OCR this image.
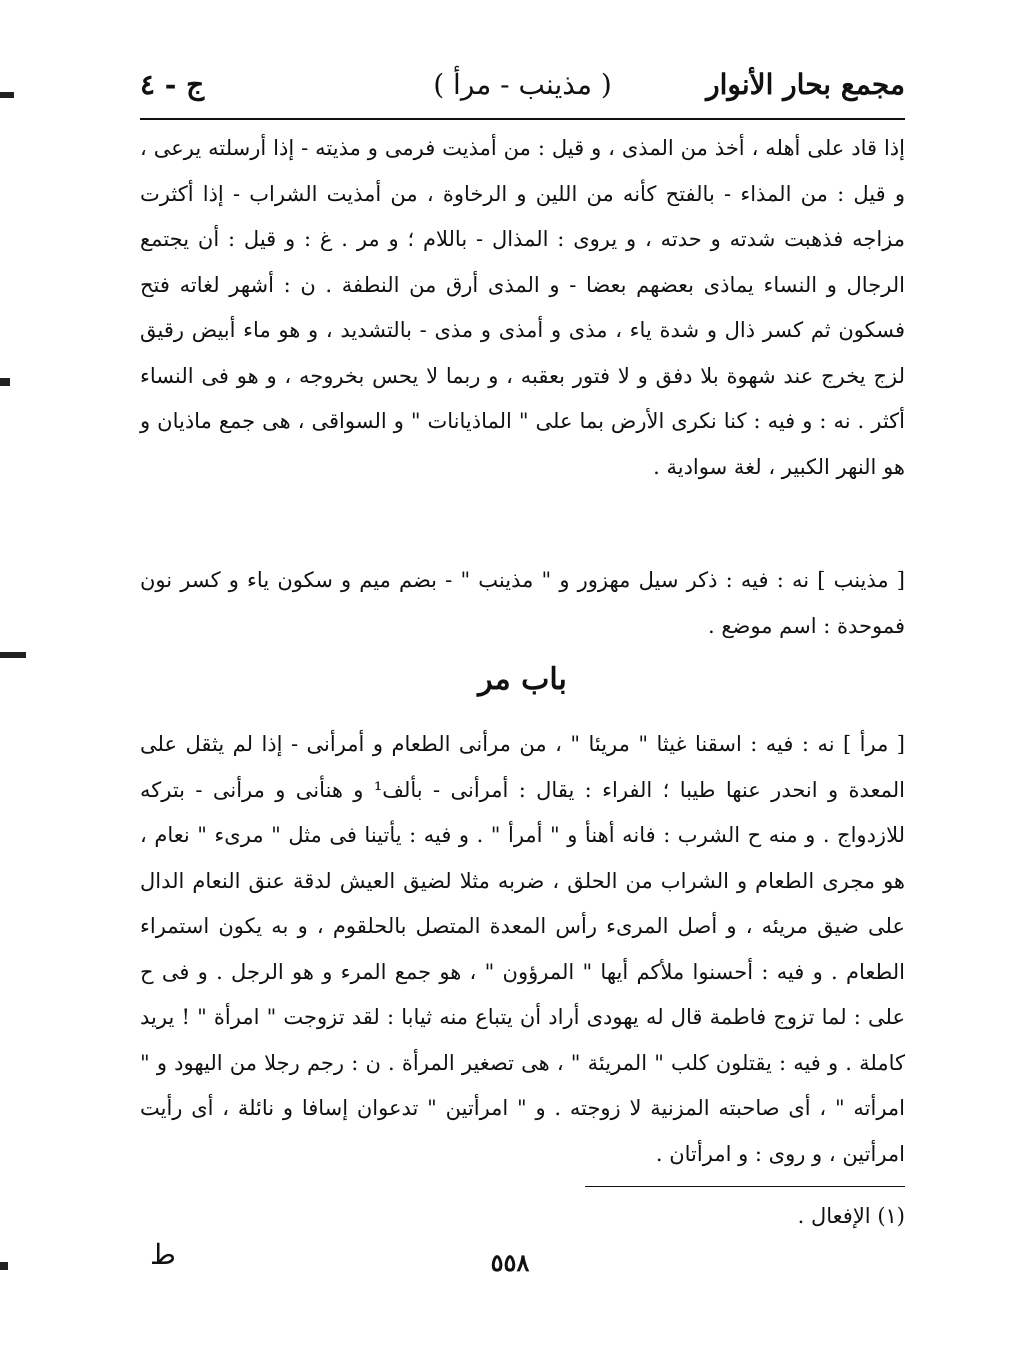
مجمع بحار الأنوار
( مذينب - مرأ )
ج - ٤
إذا قاد على أهله ، أخذ من المذى ، و قيل : من أمذيت فرمى و مذيته - إذا أرسلته يرعى ، و قيل : من المذاء - بالفتح كأنه من اللين و الرخاوة ، من أمذيت الشراب - إذا أكثرت مزاجه فذهبت شدته و حدته ، و يروى : المذال - باللام ؛ و مر . غ : و قيل : أن يجتمع الرجال و النساء يماذى بعضهم بعضا - و المذى أرق من النطفة . ن : أشهر لغاته فتح فسكون ثم كسر ذال و شدة ياء ، مذى و أمذى و مذى - بالتشديد ، و هو ماء أبيض رقيق لزج يخرج عند شهوة بلا دفق و لا فتور بعقبه ، و ربما لا يحس بخروجه ، و هو فى النساء أكثر . نه : و فيه : كنا نكرى الأرض بما على " الماذيانات " و السواقى ، هى جمع ماذيان و هو النهر الكبير ، لغة سوادية .
[ مذينب ] نه : فيه : ذكر سيل مهزور و " مذينب " - بضم ميم و سكون ياء و كسر نون فموحدة : اسم موضع .
باب مر
[ مرأ ] نه : فيه : اسقنا غيثا " مريئا " ، من مرأنى الطعام و أمرأنى - إذا لم يثقل على المعدة و انحدر عنها طيبا ؛ الفراء : يقال : أمرأنى - بألف¹ و هنأنى و مرأنى - بتركه للازدواج . و منه ح الشرب : فانه أهنأ و " أمرأ " . و فيه : يأتينا فى مثل " مرىء " نعام ، هو مجرى الطعام و الشراب من الحلق ، ضربه مثلا لضيق العيش لدقة عنق النعام الدال على ضيق مريئه ، و أصل المرىء رأس المعدة المتصل بالحلقوم ، و به يكون استمراء الطعام . و فيه : أحسنوا ملأكم أيها " المرؤون " ، هو جمع المرء و هو الرجل . و فى ح على : لما تزوج فاطمة قال له يهودى أراد أن يتباع منه ثيابا : لقد تزوجت " امرأة " ! يريد كاملة . و فيه : يقتلون كلب " المريئة " ، هى تصغير المرأة . ن : رجم رجلا من اليهود و " امرأته " ، أى صاحبته المزنية لا زوجته . و " امرأتين " تدعوان إسافا و نائلة ، أى رأيت امرأتين ، و روى : و امرأتان .
(١) الإفعال .
ط	٥٥٨
